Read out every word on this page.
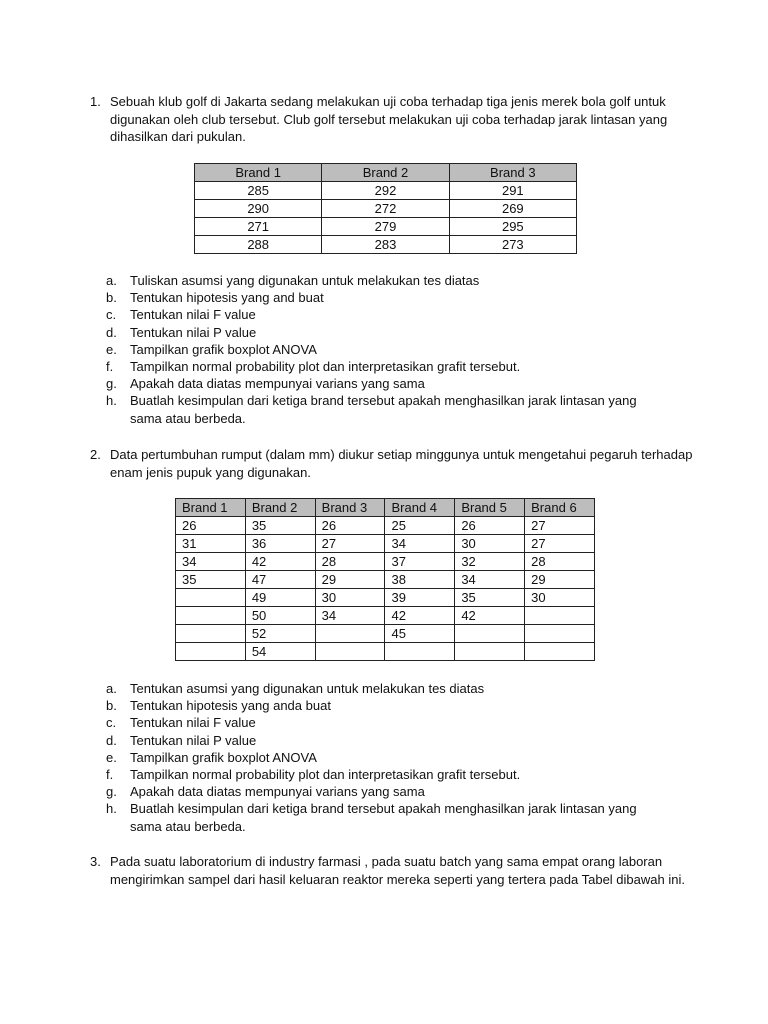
1. Sebuah klub golf di Jakarta sedang melakukan uji coba terhadap tiga jenis merek bola golf untuk digunakan oleh club tersebut. Club golf tersebut melakukan uji coba terhadap jarak lintasan yang dihasilkan dari pukulan.
Brand 1	Brand 2	Brand 3
285	292	291
290	272	269
271	279	295
288	283	273
a. Tuliskan asumsi yang digunakan untuk melakukan tes diatas
b. Tentukan hipotesis yang and buat
c. Tentukan nilai F value
d. Tentukan nilai P value
e. Tampilkan grafik boxplot ANOVA
f. Tampilkan normal probability plot dan interpretasikan grafit tersebut.
g. Apakah data diatas mempunyai varians yang sama
h. Buatlah kesimpulan dari ketiga brand tersebut apakah menghasilkan jarak lintasan yang sama atau berbeda.
2. Data pertumbuhan rumput (dalam mm) diukur setiap minggunya untuk mengetahui pegaruh terhadap enam jenis pupuk yang digunakan.
Brand 1	Brand 2	Brand 3	Brand 4	Brand 5	Brand 6
26	35	26	25	26	27
31	36	27	34	30	27
34	42	28	37	32	28
35	47	29	38	34	29
	49	30	39	35	30
	50	34	42	42	
	52		45		
	54				
a. Tentukan asumsi yang digunakan untuk melakukan tes diatas
b. Tentukan hipotesis yang anda buat
c. Tentukan nilai F value
d. Tentukan nilai P value
e. Tampilkan grafik boxplot ANOVA
f. Tampilkan normal probability plot dan interpretasikan grafit tersebut.
g. Apakah data diatas mempunyai varians yang sama
h. Buatlah kesimpulan dari ketiga brand tersebut apakah menghasilkan jarak lintasan yang sama atau berbeda.
3. Pada suatu laboratorium di industry farmasi , pada suatu batch yang sama empat orang laboran mengirimkan sampel dari hasil keluaran reaktor mereka seperti yang tertera pada Tabel dibawah ini.
